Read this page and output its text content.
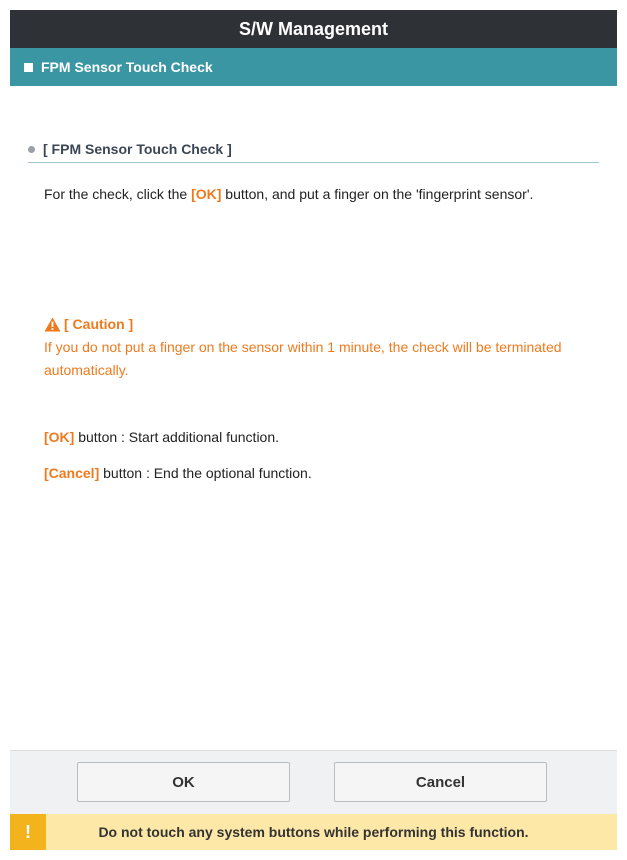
S/W Management
FPM Sensor Touch Check
[ FPM Sensor Touch Check ]

For the check, click the [OK] button, and put a finger on the 'fingerprint sensor'.

[ Caution ]
If you do not put a finger on the sensor within 1 minute, the check will be terminated automatically.

[OK] button : Start additional function.

[Cancel] button : End the optional function.

OK	Cancel
!	Do not touch any system buttons while performing this function.
